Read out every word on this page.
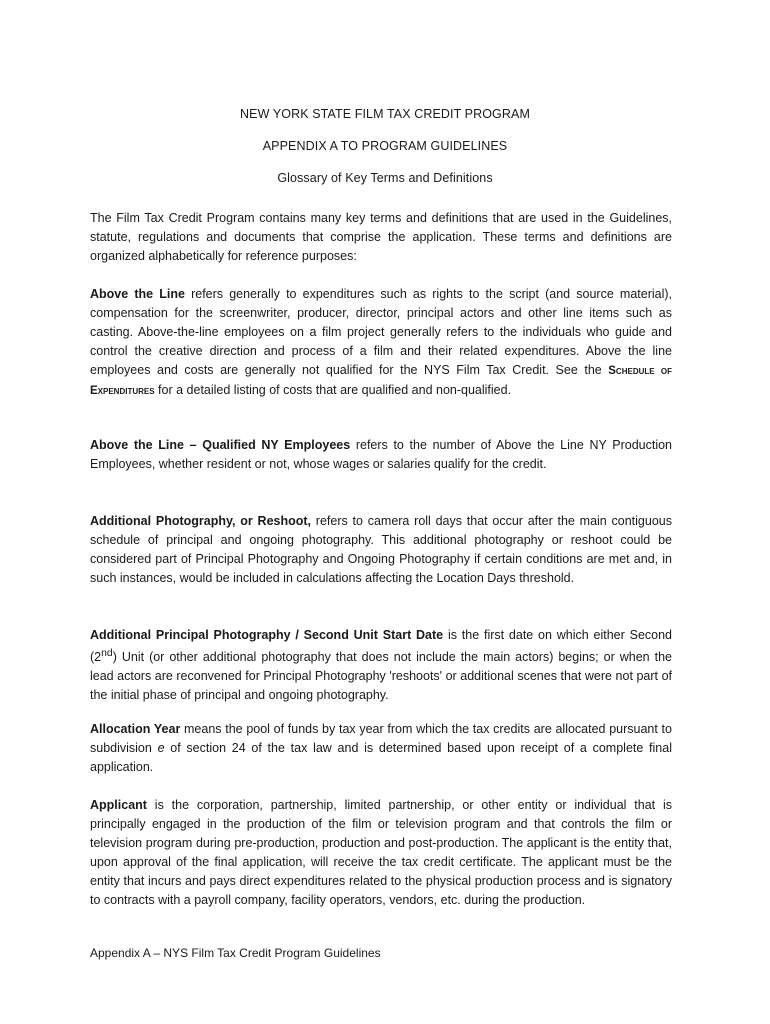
NEW YORK STATE FILM TAX CREDIT PROGRAM
APPENDIX A TO PROGRAM GUIDELINES
Glossary of Key Terms and Definitions

The Film Tax Credit Program contains many key terms and definitions that are used in the Guidelines, statute, regulations and documents that comprise the application. These terms and definitions are organized alphabetically for reference purposes:

Above the Line refers generally to expenditures such as rights to the script (and source material), compensation for the screenwriter, producer, director, principal actors and other line items such as casting. Above-the-line employees on a film project generally refers to the individuals who guide and control the creative direction and process of a film and their related expenditures. Above the line employees and costs are generally not qualified for the NYS Film Tax Credit. See the Schedule of Expenditures for a detailed listing of costs that are qualified and non-qualified.

Above the Line – Qualified NY Employees refers to the number of Above the Line NY Production Employees, whether resident or not, whose wages or salaries qualify for the credit.

Additional Photography, or Reshoot, refers to camera roll days that occur after the main contiguous schedule of principal and ongoing photography. This additional photography or reshoot could be considered part of Principal Photography and Ongoing Photography if certain conditions are met and, in such instances, would be included in calculations affecting the Location Days threshold.

Additional Principal Photography / Second Unit Start Date is the first date on which either Second (2nd) Unit (or other additional photography that does not include the main actors) begins; or when the lead actors are reconvened for Principal Photography 'reshoots' or additional scenes that were not part of the initial phase of principal and ongoing photography.

Allocation Year means the pool of funds by tax year from which the tax credits are allocated pursuant to subdivision e of section 24 of the tax law and is determined based upon receipt of a complete final application.

Applicant is the corporation, partnership, limited partnership, or other entity or individual that is principally engaged in the production of the film or television program and that controls the film or television program during pre-production, production and post-production. The applicant is the entity that, upon approval of the final application, will receive the tax credit certificate. The applicant must be the entity that incurs and pays direct expenditures related to the physical production process and is signatory to contracts with a payroll company, facility operators, vendors, etc. during the production.

Appendix A – NYS Film Tax Credit Program Guidelines
